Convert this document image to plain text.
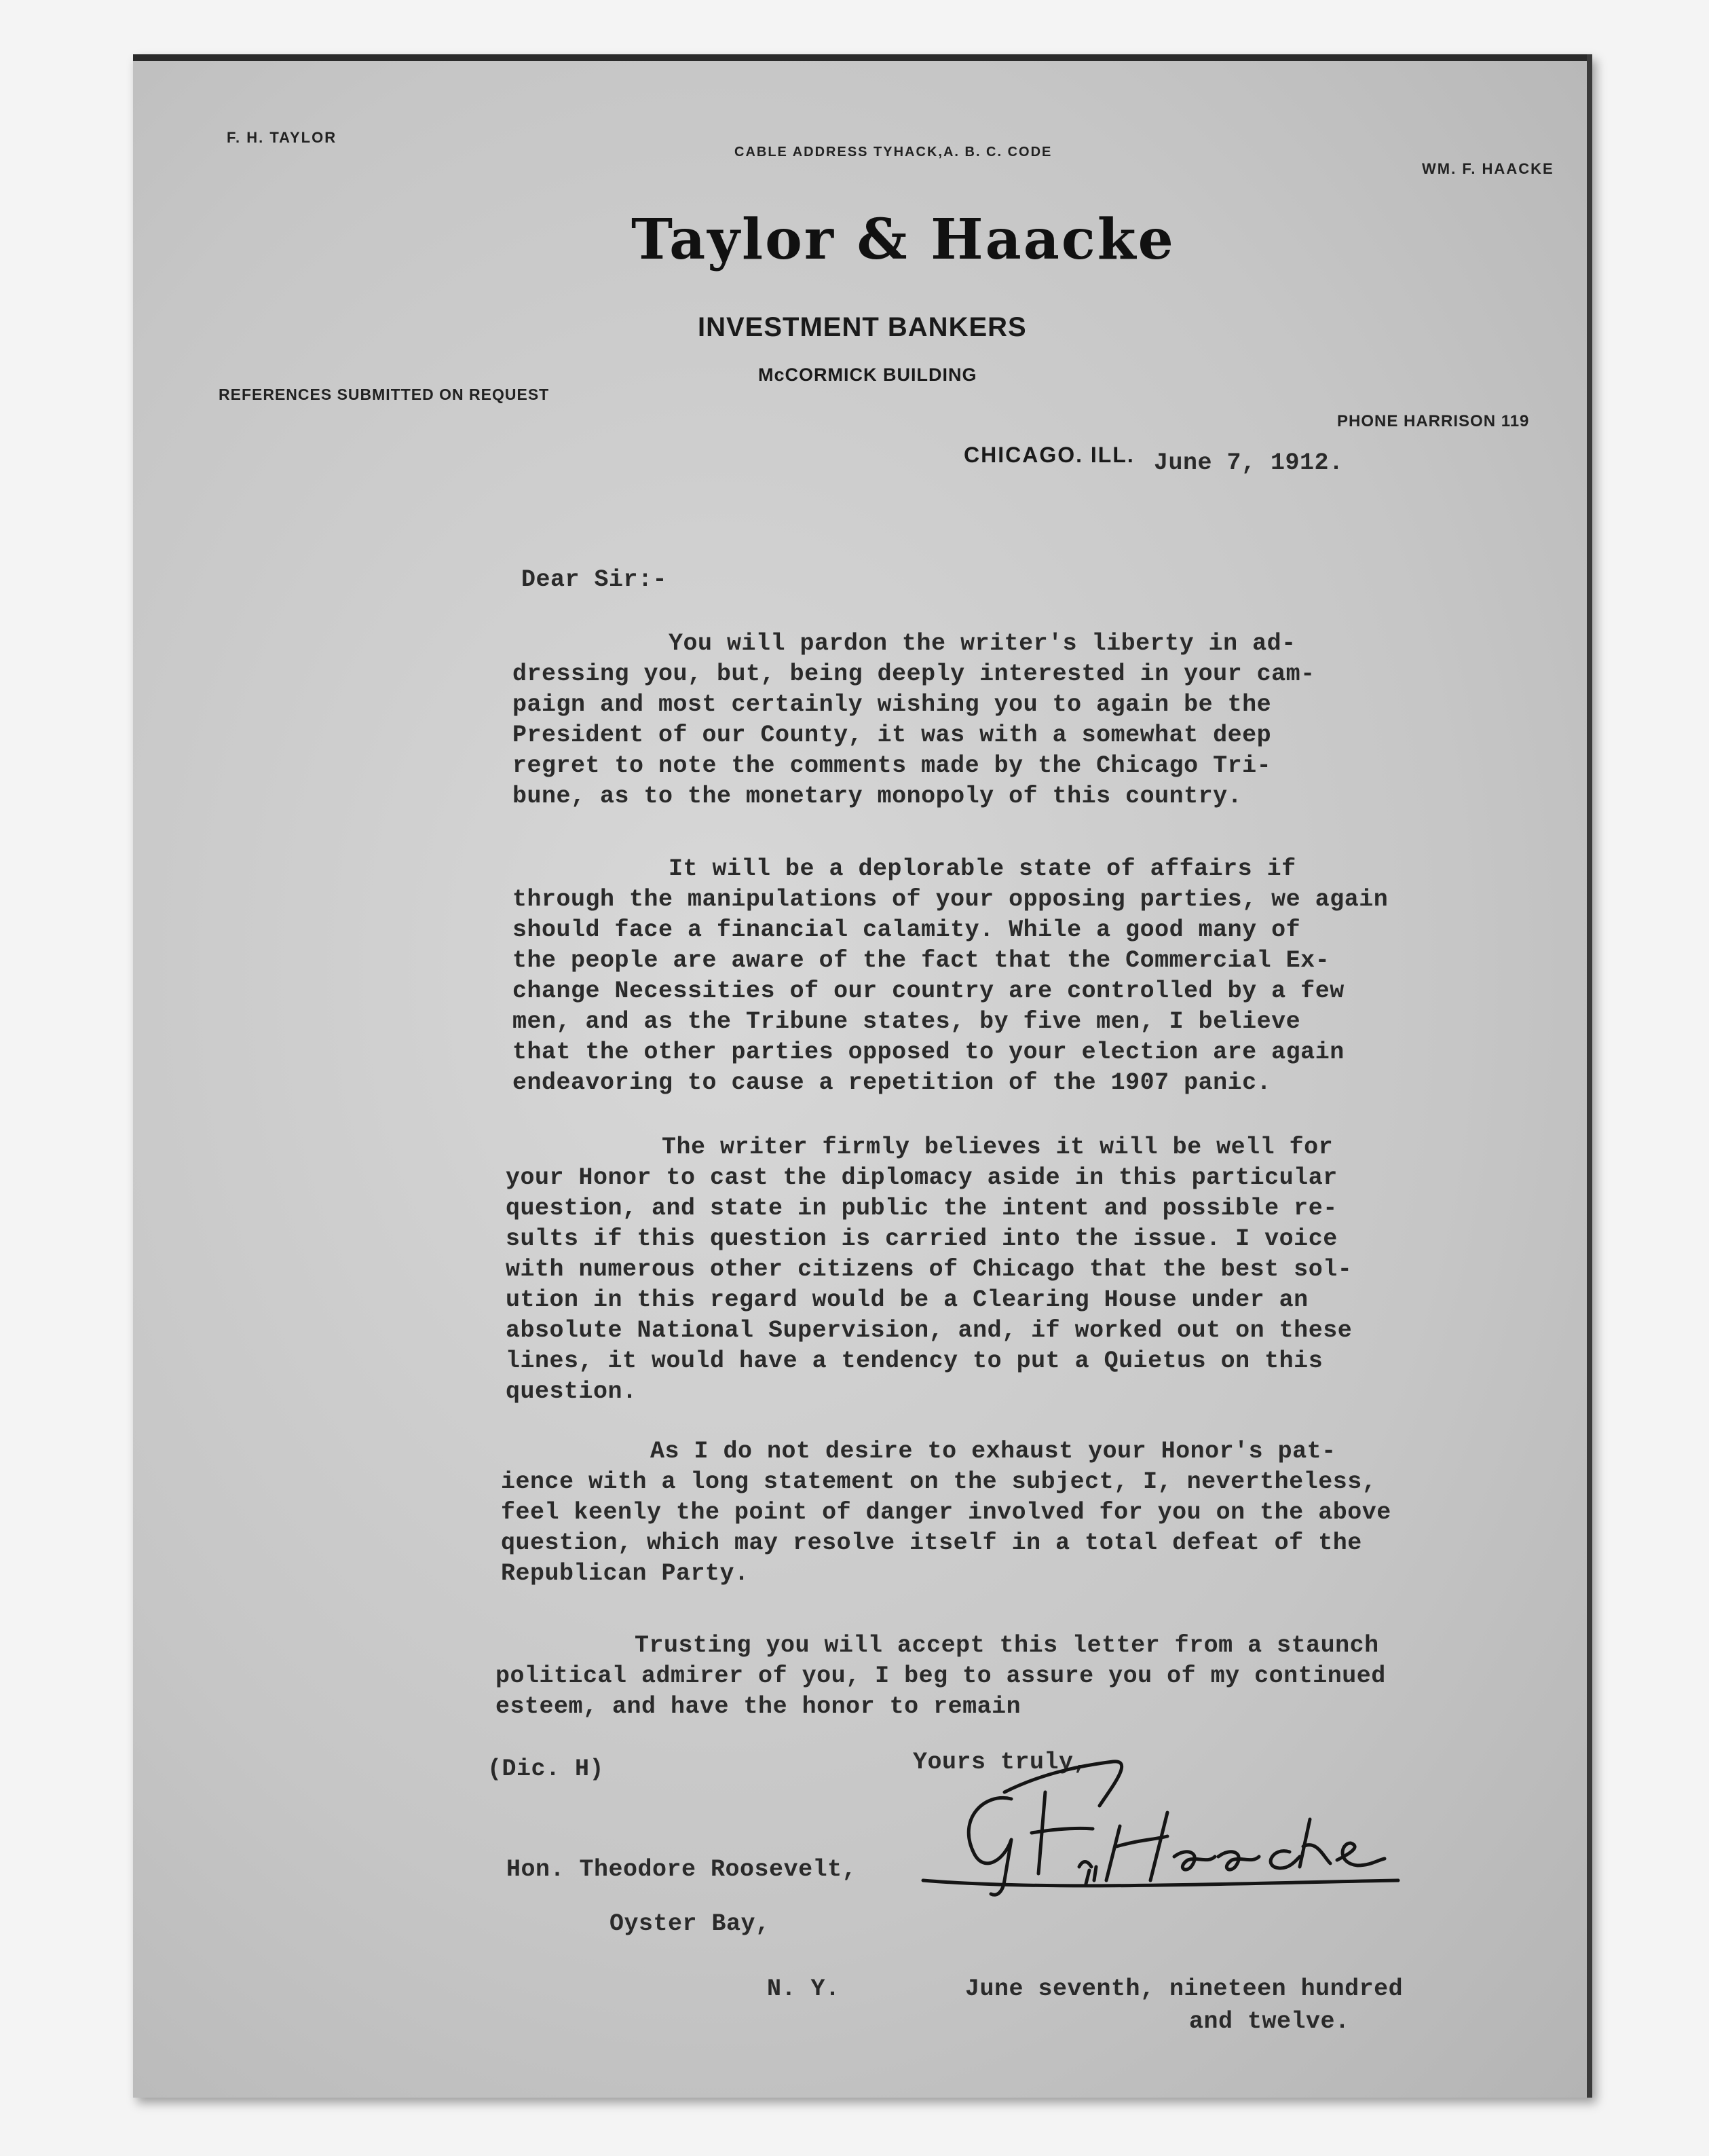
F. H. TAYLOR
CABLE ADDRESS TYHACK,A. B. C. CODE
WM. F. HAACKE
Taylor & Haacke
INVESTMENT BANKERS
McCORMICK BUILDING
REFERENCES SUBMITTED ON REQUEST
PHONE HARRISON 119
CHICAGO. ILL. June 7, 1912.
Dear Sir:-
You will pardon the writer's liberty in ad-
dressing you, but, being deeply interested in your cam-
paign and most certainly wishing you to again be the
President of our County, it was with a somewhat deep
regret to note the comments made by the Chicago Tri-
bune, as to the monetary monopoly of this country.
It will be a deplorable state of affairs if
through the manipulations of your opposing parties, we again
should face a financial calamity. While a good many of
the people are aware of the fact that the Commercial Ex-
change Necessities of our country are controlled by a few
men, and as the Tribune states, by five men, I believe
that the other parties opposed to your election are again
endeavoring to cause a repetition of the 1907 panic.
The writer firmly believes it will be well for
your Honor to cast the diplomacy aside in this particular
question, and state in public the intent and possible re-
sults if this question is carried into the issue. I voice
with numerous other citizens of Chicago that the best sol-
ution in this regard would be a Clearing House under an
absolute National Supervision, and, if worked out on these
lines, it would have a tendency to put a Quietus on this
question.
As I do not desire to exhaust your Honor's pat-
ience with a long statement on the subject, I, nevertheless,
feel keenly the point of danger involved for you on the above
question, which may resolve itself in a total defeat of the
Republican Party.
Trusting you will accept this letter from a staunch
political admirer of you, I beg to assure you of my continued
esteem, and have the honor to remain
(Dic. H)	Yours truly,
Hon. Theodore Roosevelt,
Oyster Bay,
N. Y.	June seventh, nineteen hundred
and twelve.
